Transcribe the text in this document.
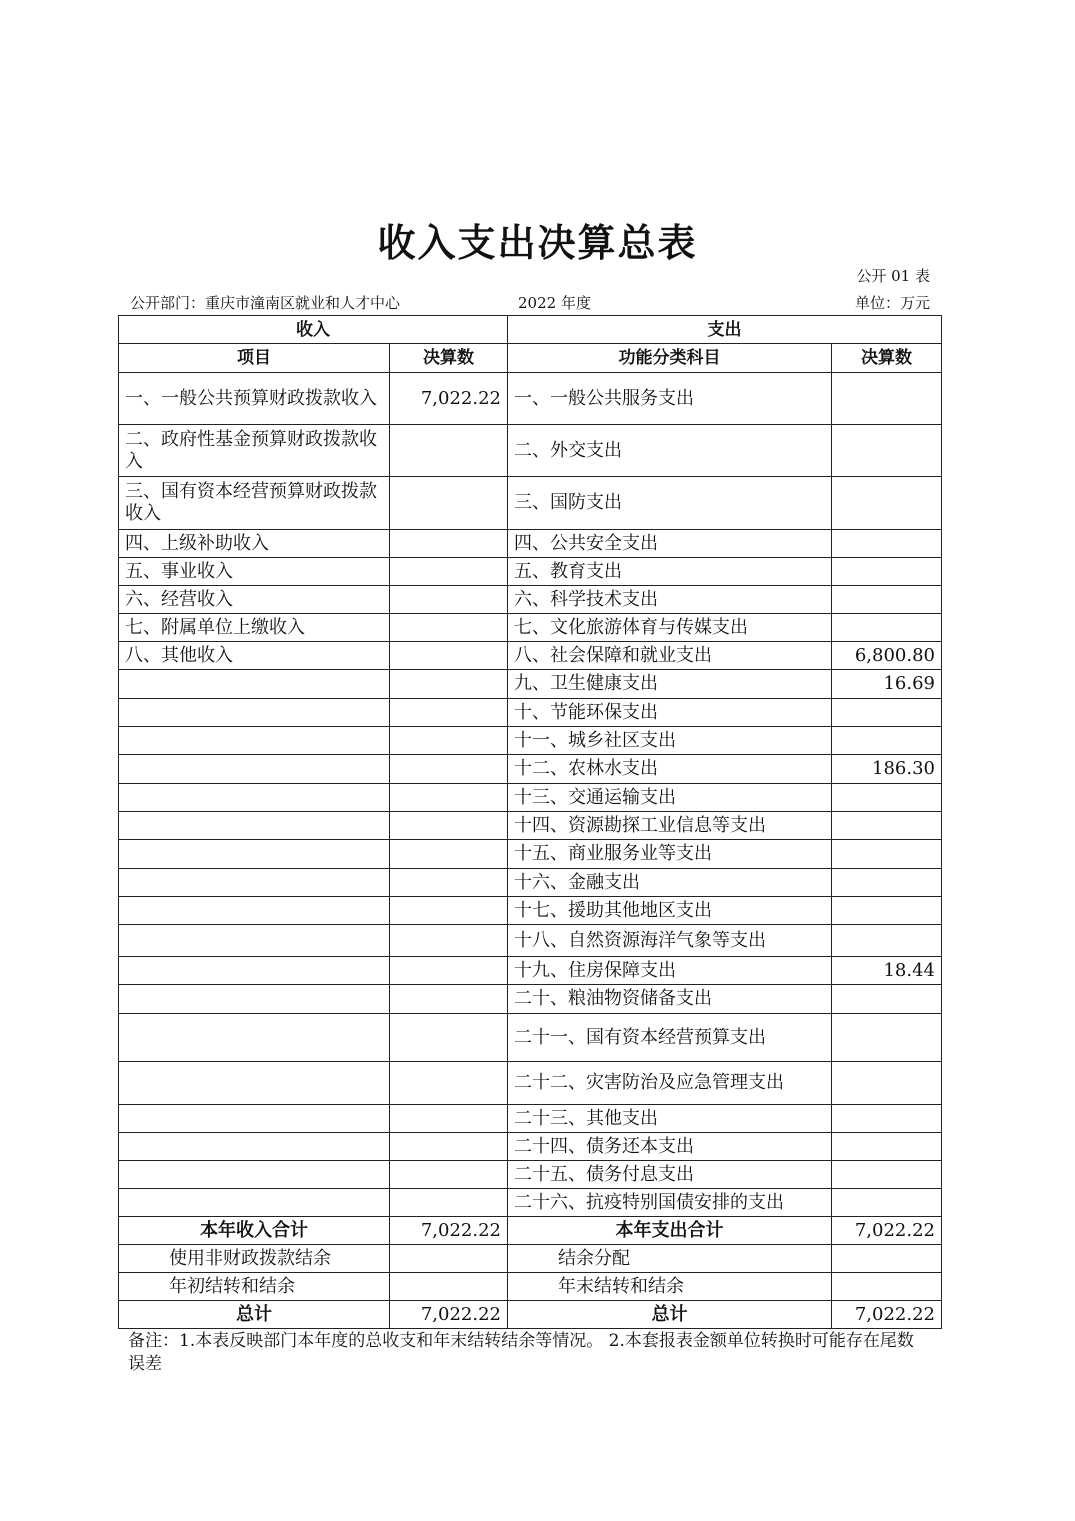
收入支出决算总表
公开 01 表
公开部门：重庆市潼南区就业和人才中心	2022 年度	单位：万元
收入		支出	
项目	决算数	功能分类科目	决算数
一、一般公共预算财政拨款收入	7,022.22	一、一般公共服务支出	
二、政府性基金预算财政拨款收入		二、外交支出	
三、国有资本经营预算财政拨款收入		三、国防支出	
四、上级补助收入		四、公共安全支出	
五、事业收入		五、教育支出	
六、经营收入		六、科学技术支出	
七、附属单位上缴收入		七、文化旅游体育与传媒支出	
八、其他收入		八、社会保障和就业支出	6,800.80
		九、卫生健康支出	16.69
		十、节能环保支出	
		十一、城乡社区支出	
		十二、农林水支出	186.30
		十三、交通运输支出	
		十四、资源勘探工业信息等支出	
		十五、商业服务业等支出	
		十六、金融支出	
		十七、援助其他地区支出	
		十八、自然资源海洋气象等支出	
		十九、住房保障支出	18.44
		二十、粮油物资储备支出	
		二十一、国有资本经营预算支出	
		二十二、灾害防治及应急管理支出	
		二十三、其他支出	
		二十四、债务还本支出	
		二十五、债务付息支出	
		二十六、抗疫特别国债安排的支出	
本年收入合计	7,022.22	本年支出合计	7,022.22
使用非财政拨款结余		结余分配	
年初结转和结余		年末结转和结余	
总计	7,022.22	总计	7,022.22
备注：1.本表反映部门本年度的总收支和年末结转结余等情况。 2.本套报表金额单位转换时可能存在尾数误差
